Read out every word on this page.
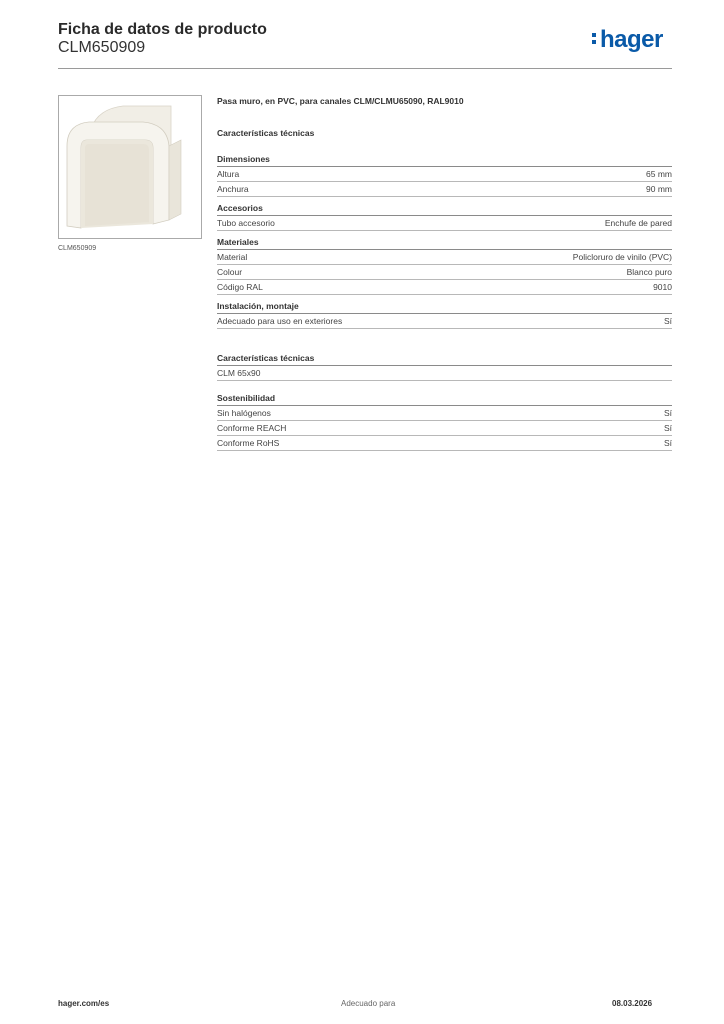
Ficha de datos de producto
CLM650909	hager
CLM650909
Pasa muro, en PVC, para canales CLM/CLMU65090, RAL9010
Características técnicas
Dimensiones
Altura	65 mm
Anchura	90 mm
Accesorios
Tubo accesorio	Enchufe de pared
Materiales
Material	Policloruro de vinilo (PVC)
Colour	Blanco puro
Código RAL	9010
Instalación, montaje
Adecuado para uso en exteriores	Sí
Características técnicas
CLM 65x90
Sostenibilidad
Sin halógenos	Sí
Conforme REACH	Sí
Conforme RoHS	Sí
hager.com/es	Adecuado para	08.03.2026
